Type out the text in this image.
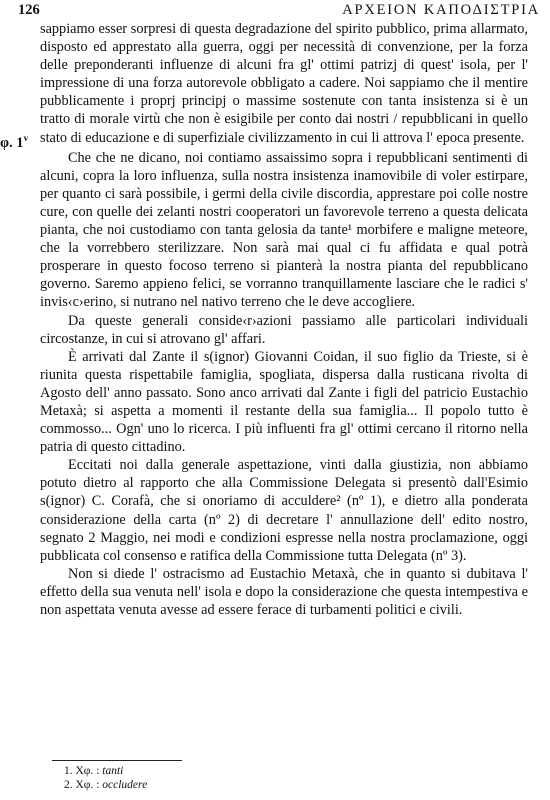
126	ΑΡΧΕΙΟΝ ΚΑΠΟΔΙΣΤΡΙΑ
φ. 1$^v$

sappiamo esser sorpresi di questa degradazione del spirito pubblico, prima allarmato, disposto ed apprestato alla guerra, oggi per necessità di convenzione, per la forza delle preponderanti influenze di alcuni fra gl' ottimi patrizj di quest' isola, per l' impressione di una forza autorevole obbligato a cadere. Noi sappiamo che il mentire pubblicamente i proprj principj o massime sostenute con tanta insistenza si è un tratto di morale virtù che non è esigibile per conto dai nostri / repubblicani in quello stato di educazione e di superfiziale civilizzamento in cui li attrova l' epoca presente.

Che che ne dicano, noi contiamo assaissimo sopra i repubblicani sentimenti di alcuni, copra la loro influenza, sulla nostra insistenza inamovibile di voler estirpare, per quanto ci sarà possibile, i germi della civile discordia, apprestare poi colle nostre cure, con quelle dei zelanti nostri cooperatori un favorevole terreno a questa delicata pianta, che noi custodiamo con tanta gelosia da tante¹ morbifere e maligne meteore, che la vorrebbero sterilizzare. Non sarà mai qual ci fu affidata e qual potrà prosperare in questo focoso terreno si pianterà la nostra pianta del repubblicano governo. Saremo appieno felici, se vorranno tranquillamente lasciare che le radici s' invis‹c›erino, si nutrano nel nativo terreno che le deve accogliere.

Da queste generali conside‹r›azioni passiamo alle particolari individuali circostanze, in cui si atrovano gl' affari.

È arrivati dal Zante il s(ignor) Giovanni Coidan, il suo figlio da Trieste, si è riunita questa rispettabile famiglia, spogliata, dispersa dalla rusticana rivolta di Agosto dell' anno passato. Sono anco arrivati dal Zante i figli del patricio Eustachio Metaxà; si aspetta a momenti il restante della sua famiglia... Il popolo tutto è commosso... Ogn' uno lo ricerca. I più influenti fra gl' ottimi cercano il ritorno nella patria di questo cittadino.

Eccitati noi dalla generale aspettazione, vinti dalla giustizia, non abbiamo potuto dietro al rapporto che alla Commissione Delegata si presentò dall'Esimio s(ignor) C. Corafà, che si onoriamo di acculdere² (nº 1), e dietro alla ponderata considerazione della carta (nº 2) di decretare l' annullazione dell' edito nostro, segnato 2 Maggio, nei modi e condizioni espresse nella nostra proclamazione, oggi pubblicata col consenso e ratifica della Commissione tutta Delegata (nº 3).

Non si diede l' ostracismo ad Eustachio Metaxà, che in quanto si dubitava l' effetto della sua venuta nell' isola e dopo la considerazione che questa intempestiva e non aspettata venuta avesse ad essere ferace di turbamenti politici e civili.

1. Χφ. : tanti

2. Χφ. : occludere
